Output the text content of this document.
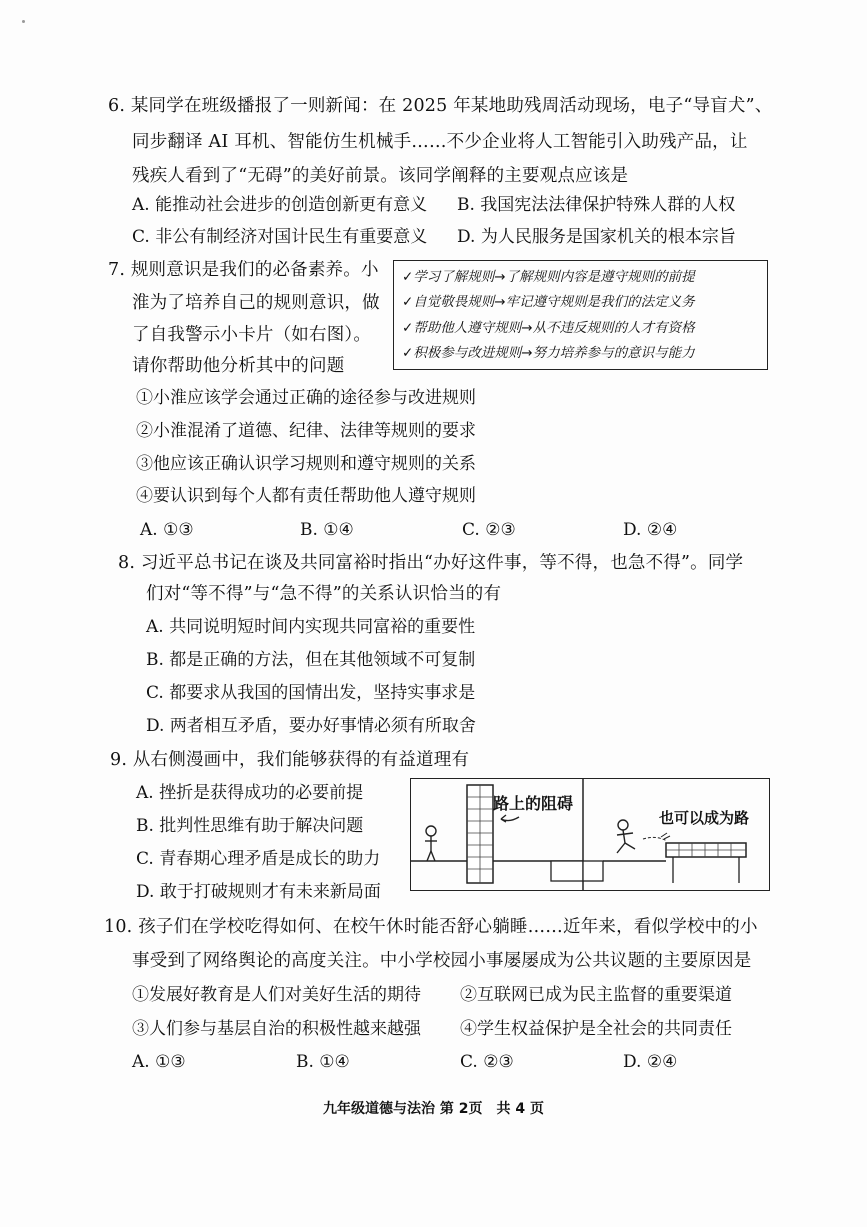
6. 某同学在班级播报了一则新闻：在 2025 年某地助残周活动现场，电子“导盲犬”、
同步翻译 AI 耳机、智能仿生机械手……不少企业将人工智能引入助残产品，让
残疾人看到了“无碍”的美好前景。该同学阐释的主要观点应该是
A. 能推动社会进步的创造创新更有意义 B. 我国宪法法律保护特殊人群的人权
C. 非公有制经济对国计民生有重要意义 D. 为人民服务是国家机关的根本宗旨
7. 规则意识是我们的必备素养。小
淮为了培养自己的规则意识，做
了自我警示小卡片（如右图）。
请你帮助他分析其中的问题
✓学习了解规则→了解规则内容是遵守规则的前提
✓自觉敬畏规则→牢记遵守规则是我们的法定义务
✓帮助他人遵守规则→从不违反规则的人才有资格
✓积极参与改进规则→努力培养参与的意识与能力
①小淮应该学会通过正确的途径参与改进规则
②小淮混淆了道德、纪律、法律等规则的要求
③他应该正确认识学习规则和遵守规则的关系
④要认识到每个人都有责任帮助他人遵守规则
A. ①③	B. ①④	C. ②③	D. ②④
8. 习近平总书记在谈及共同富裕时指出“办好这件事，等不得，也急不得”。同学
们对“等不得”与“急不得”的关系认识恰当的有
A. 共同说明短时间内实现共同富裕的重要性
B. 都是正确的方法，但在其他领域不可复制
C. 都要求从我国的国情出发，坚持实事求是
D. 两者相互矛盾，要办好事情必须有所取舍
9. 从右侧漫画中，我们能够获得的有益道理有
A. 挫折是获得成功的必要前提
B. 批判性思维有助于解决问题
C. 青春期心理矛盾是成长的助力
D. 敢于打破规则才有未来新局面
路上的阻碍
也可以成为路
10. 孩子们在学校吃得如何、在校午休时能否舒心躺睡……近年来，看似学校中的小
事受到了网络舆论的高度关注。中小学校园小事屡屡成为公共议题的主要原因是
①发展好教育是人们对美好生活的期待 ②互联网已成为民主监督的重要渠道
③人们参与基层自治的积极性越来越强 ④学生权益保护是全社会的共同责任
A. ①③	B. ①④	C. ②③	D. ②④
九年级道德与法治 第 2页　共 4 页
